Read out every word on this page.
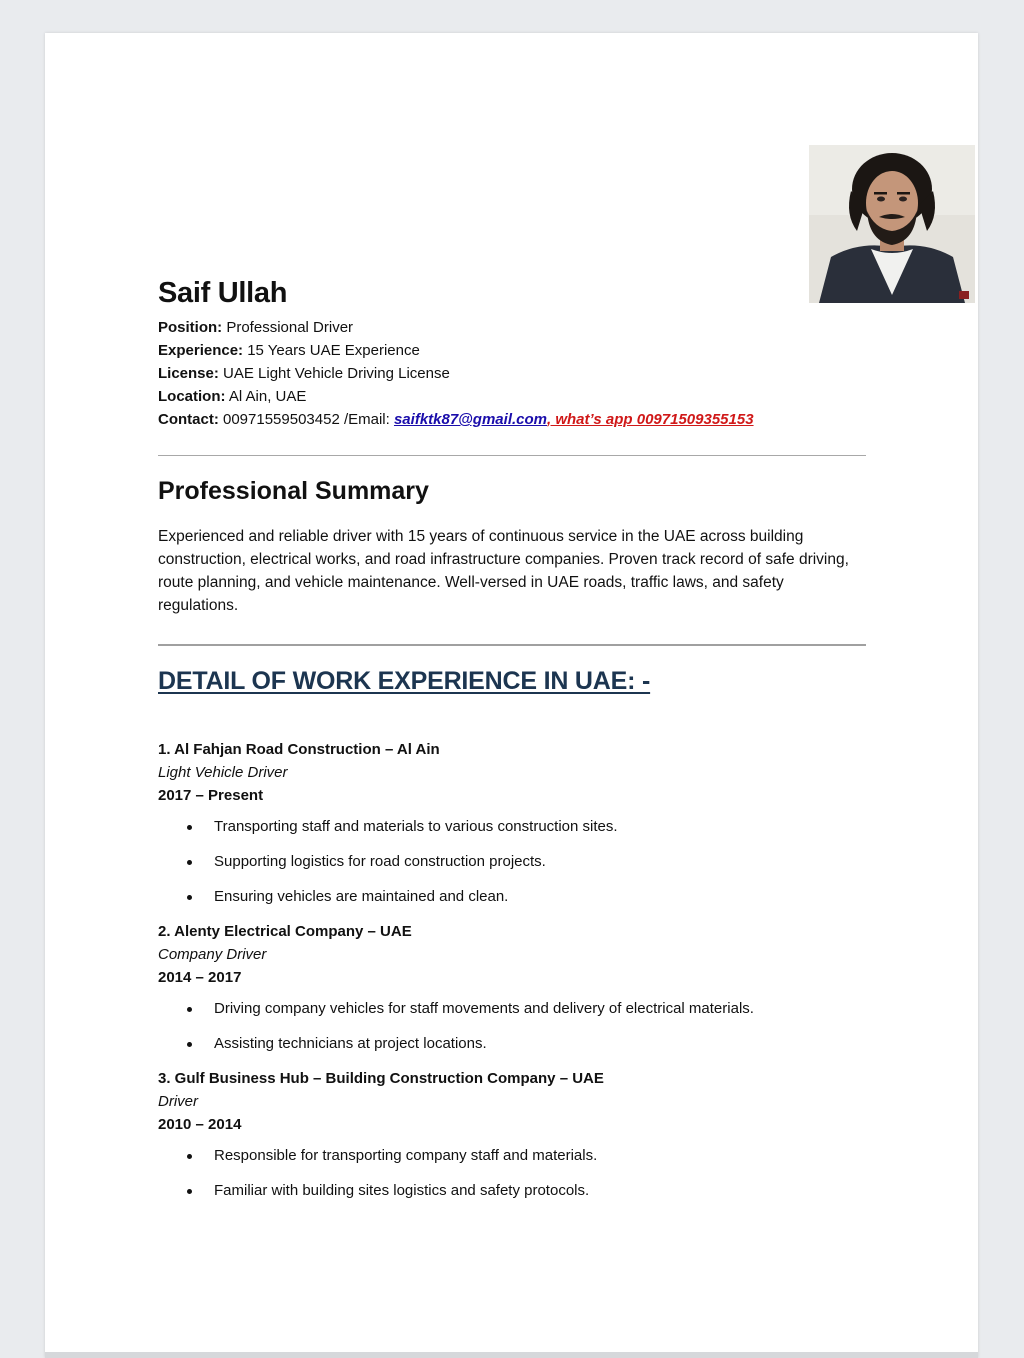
Saif Ullah
Position: Professional Driver
Experience: 15 Years UAE Experience
License: UAE Light Vehicle Driving License
Location: Al Ain, UAE
Contact: 00971559503452 /Email: saifktk87@gmail.com, what’s app 00971509355153
Professional Summary

Experienced and reliable driver with 15 years of continuous service in the UAE across building construction, electrical works, and road infrastructure companies. Proven track record of safe driving, route planning, and vehicle maintenance. Well-versed in UAE roads, traffic laws, and safety regulations.

DETAIL OF WORK EXPERIENCE IN UAE: -
1. Al Fahjan Road Construction – Al Ain
Light Vehicle Driver
2017 – Present
Transporting staff and materials to various construction sites.
Supporting logistics for road construction projects.
Ensuring vehicles are maintained and clean.
2. Alenty Electrical Company – UAE
Company Driver
2014 – 2017
Driving company vehicles for staff movements and delivery of electrical materials.
Assisting technicians at project locations.
3. Gulf Business Hub – Building Construction Company – UAE
Driver
2010 – 2014
Responsible for transporting company staff and materials.
Familiar with building sites logistics and safety protocols.
